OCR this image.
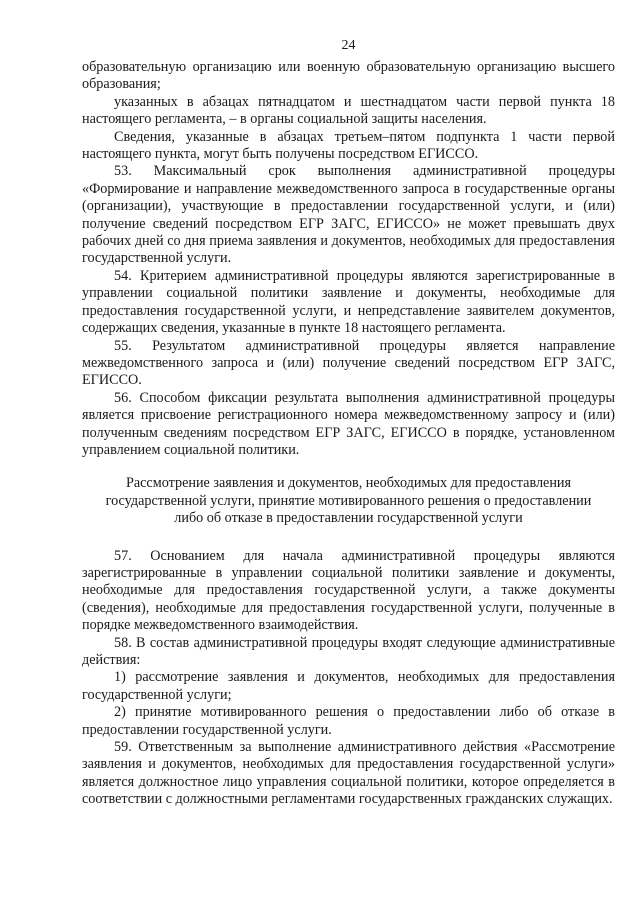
24

образовательную организацию или военную образовательную организацию высшего образования;

указанных в абзацах пятнадцатом и шестнадцатом части первой пункта 18 настоящего регламента, – в органы социальной защиты населения.

Сведения, указанные в абзацах третьем–пятом подпункта 1 части первой настоящего пункта, могут быть получены посредством ЕГИССО.

53. Максимальный срок выполнения административной процедуры «Формирование и направление межведомственного запроса в государственные органы (организации), участвующие в предоставлении государственной услуги, и (или) получение сведений посредством ЕГР ЗАГС, ЕГИССО» не может превышать двух рабочих дней со дня приема заявления и документов, необходимых для предоставления государственной услуги.

54. Критерием административной процедуры являются зарегистрированные в управлении социальной политики заявление и документы, необходимые для предоставления государственной услуги, и непредставление заявителем документов, содержащих сведения, указанные в пункте 18 настоящего регламента.

55. Результатом административной процедуры является направление межведомственного запроса и (или) получение сведений посредством ЕГР ЗАГС, ЕГИССО.

56. Способом фиксации результата выполнения административной процедуры является присвоение регистрационного номера межведомственному запросу и (или) полученным сведениям посредством ЕГР ЗАГС, ЕГИССО в порядке, установленном управлением социальной политики.

Рассмотрение заявления и документов, необходимых для предоставления государственной услуги, принятие мотивированного решения о предоставлении либо об отказе в предоставлении государственной услуги

57. Основанием для начала административной процедуры являются зарегистрированные в управлении социальной политики заявление и документы, необходимые для предоставления государственной услуги, а также документы (сведения), необходимые для предоставления государственной услуги, полученные в порядке межведомственного взаимодействия.

58. В состав административной процедуры входят следующие административные действия:

1) рассмотрение заявления и документов, необходимых для предоставления государственной услуги;

2) принятие мотивированного решения о предоставлении либо об отказе в предоставлении государственной услуги.

59. Ответственным за выполнение административного действия «Рассмотрение заявления и документов, необходимых для предоставления государственной услуги» является должностное лицо управления социальной политики, которое определяется в соответствии с должностными регламентами государственных гражданских служащих.
